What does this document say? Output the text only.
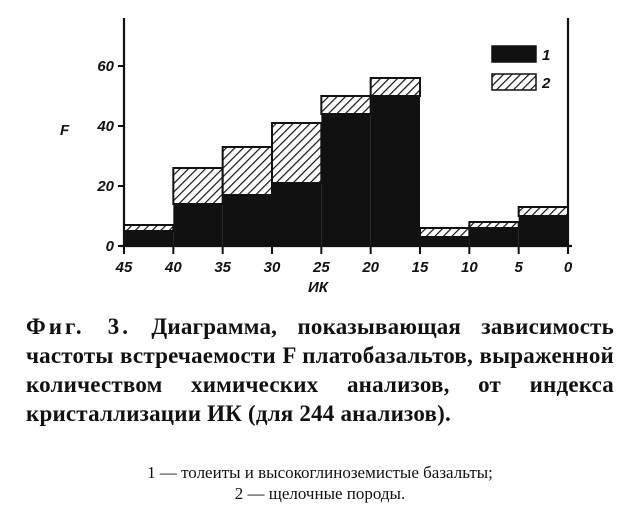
45 40 35 30 25 20 15 10 5	0
0
20
40
60
1
2
F
ИК
Фиг. 3. Диаграмма, показывающая зависимость частоты встречаемости F платобазальтов, выраженной количеством химических анализов, от индекса кристаллизации ИК (для 244 анализов).
1 — толеиты и высокоглиноземистые базальты;
2 — щелочные породы.
